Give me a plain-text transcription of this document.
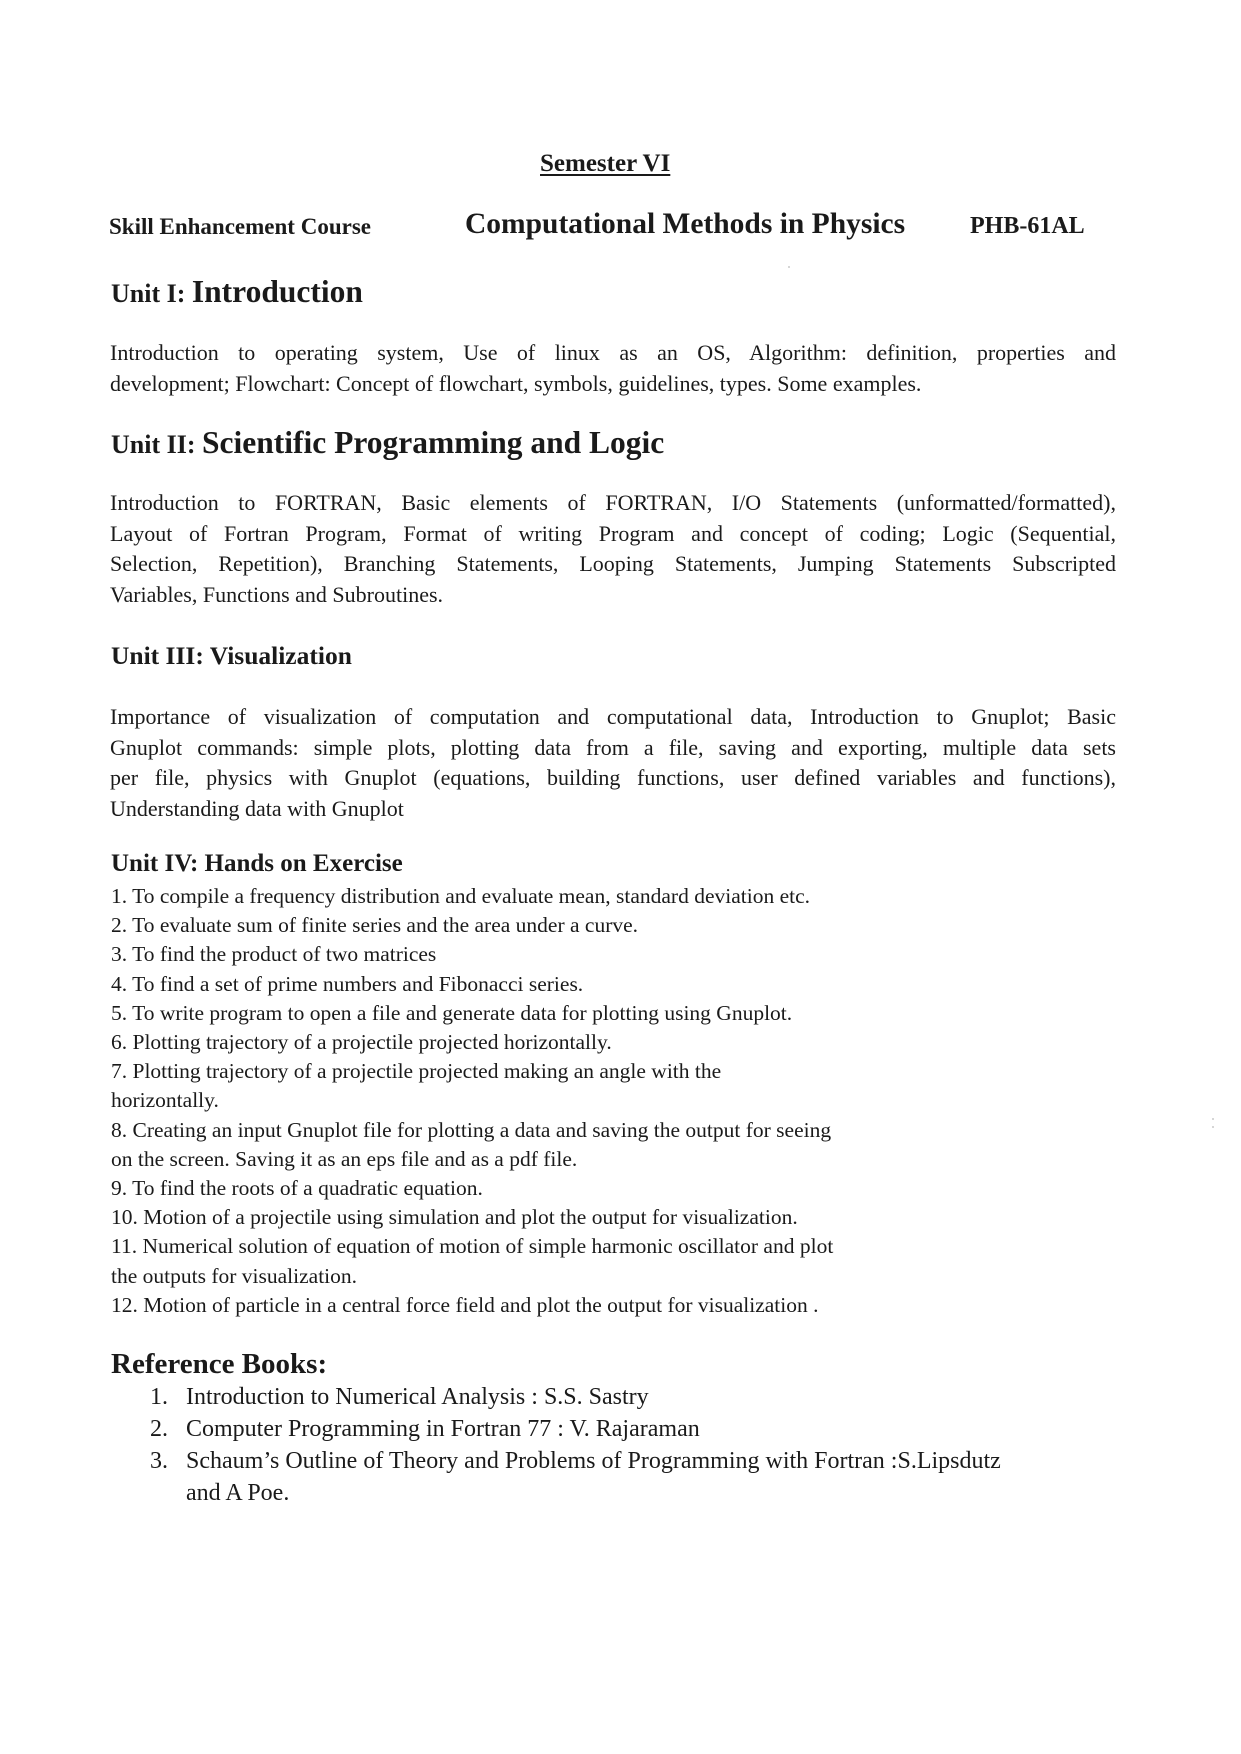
Semester VI
Skill Enhancement Course	Computational Methods in Physics	PHB-61AL
Unit I: Introduction
Introduction to operating system, Use of linux as an OS, Algorithm: definition, properties and
development; Flowchart: Concept of flowchart, symbols, guidelines, types. Some examples.
Unit II: Scientific Programming and Logic
Introduction to FORTRAN, Basic elements of FORTRAN, I/O Statements (unformatted/formatted),
Layout of Fortran Program, Format of writing Program and concept of coding; Logic (Sequential,
Selection, Repetition), Branching Statements, Looping Statements, Jumping Statements Subscripted
Variables, Functions and Subroutines.
Unit III: Visualization
Importance of visualization of computation and computational data, Introduction to Gnuplot; Basic
Gnuplot commands: simple plots, plotting data from a file, saving and exporting, multiple data sets
per file, physics with Gnuplot (equations, building functions, user defined variables and functions),
Understanding data with Gnuplot
Unit IV: Hands on Exercise
1. To compile a frequency distribution and evaluate mean, standard deviation etc.
2. To evaluate sum of finite series and the area under a curve.
3. To find the product of two matrices
4. To find a set of prime numbers and Fibonacci series.
5. To write program to open a file and generate data for plotting using Gnuplot.
6. Plotting trajectory of a projectile projected horizontally.
7. Plotting trajectory of a projectile projected making an angle with the
horizontally.
8. Creating an input Gnuplot file for plotting a data and saving the output for seeing
on the screen. Saving it as an eps file and as a pdf file.
9. To find the roots of a quadratic equation.
10. Motion of a projectile using simulation and plot the output for visualization.
11. Numerical solution of equation of motion of simple harmonic oscillator and plot
the outputs for visualization.
12. Motion of particle in a central force field and plot the output for visualization .
Reference Books:
1. Introduction to Numerical Analysis : S.S. Sastry
2. Computer Programming in Fortran 77 : V. Rajaraman
3. Schaum’s Outline of Theory and Problems of Programming with Fortran :S.Lipsdutz
and A Poe.
